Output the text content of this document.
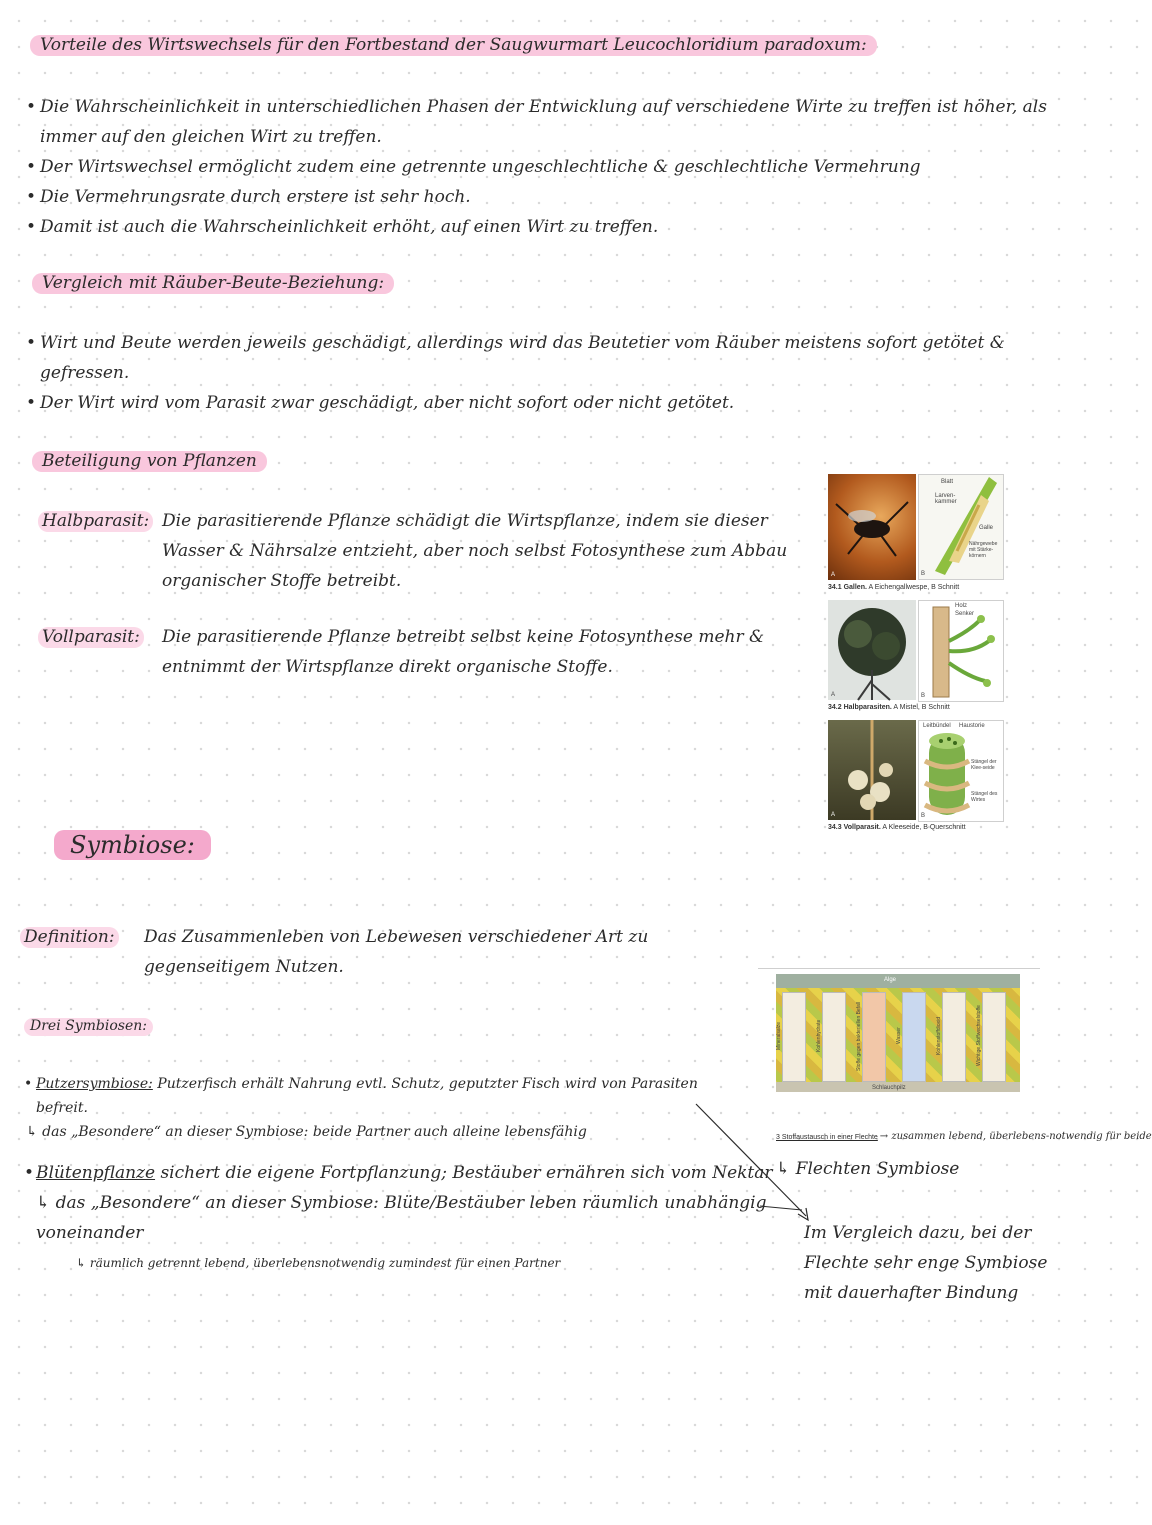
Vorteile des Wirtswechsels für den Fortbestand der Saugwurmart Leucochloridium paradoxum:
• Die Wahrscheinlichkeit in unterschiedlichen Phasen der Entwicklung auf verschiedene Wirte zu treffen ist höher, als immer auf den gleichen Wirt zu treffen.
• Der Wirtswechsel ermöglicht zudem eine getrennte ungeschlechtliche & geschlechtliche Vermehrung
• Die Vermehrungsrate durch erstere ist sehr hoch.
• Damit ist auch die Wahrscheinlichkeit erhöht, auf einen Wirt zu treffen.
Vergleich mit Räuber-Beute-Beziehung:
• Wirt und Beute werden jeweils geschädigt, allerdings wird das Beutetier vom Räuber meistens sofort getötet & gefressen.
• Der Wirt wird vom Parasit zwar geschädigt, aber nicht sofort oder nicht getötet.
Beteiligung von Pflanzen
Halbparasit: Die parasitierende Pflanze schädigt die Wirtspflanze, indem sie dieser Wasser & Nährsalze entzieht, aber noch selbst Fotosynthese zum Abbau organischer Stoffe betreibt.
Vollparasit:	Die parasitierende Pflanze betreibt selbst keine Fotosynthese mehr & entnimmt der Wirtspflanze direkt organische Stoffe.
A
Blatt
Larven-kammer
Galle
Nährgewebe mit Stärke-körnern
B
34.1 Gallen. A Eichengallwespe, B Schnitt
A
Holz
Senker
B
34.2 Halbparasiten. A Mistel, B Schnitt
A
Leitbündel Haustorie
Stängel der Klee-seide
Stängel des Wirtes
B
34.3 Vollparasit. A Kleeseide, B Querschnitt
Symbiose:
Definition:	Das Zusammenleben von Lebewesen verschiedener Art zu gegenseitigem Nutzen.
Drei Symbiosen:
• Putzersymbiose: Putzerfisch erhält Nahrung evtl. Schutz, geputzter Fisch wird von Parasiten befreit.
↳ das „Besondere“ an dieser Symbiose: beide Partner auch alleine lebensfähig
• Blütenpflanze sichert die eigene Fortpflanzung; Bestäuber ernähren sich vom Nektar
↳ das „Besondere“ an dieser Symbiose: Blüte/Bestäuber leben räumlich unabhängig voneinander
↳ räumlich getrennt lebend, überlebensnotwendig zumindest für einen Partner
Alge
Mineralsalze	Kohlenhydrate	Stoffe gegen bakteriellen Befall	Wasser	Kohlenstoffdioxid	Wichtige Stoffwechselstoffe
Schlauchpilz
3 Stoffaustausch in einer Flechte → zusammen lebend, überlebens-notwendig für beide
↳ Flechten Symbiose
Im Vergleich dazu, bei der Flechte sehr enge Symbiose mit dauerhafter Bindung
